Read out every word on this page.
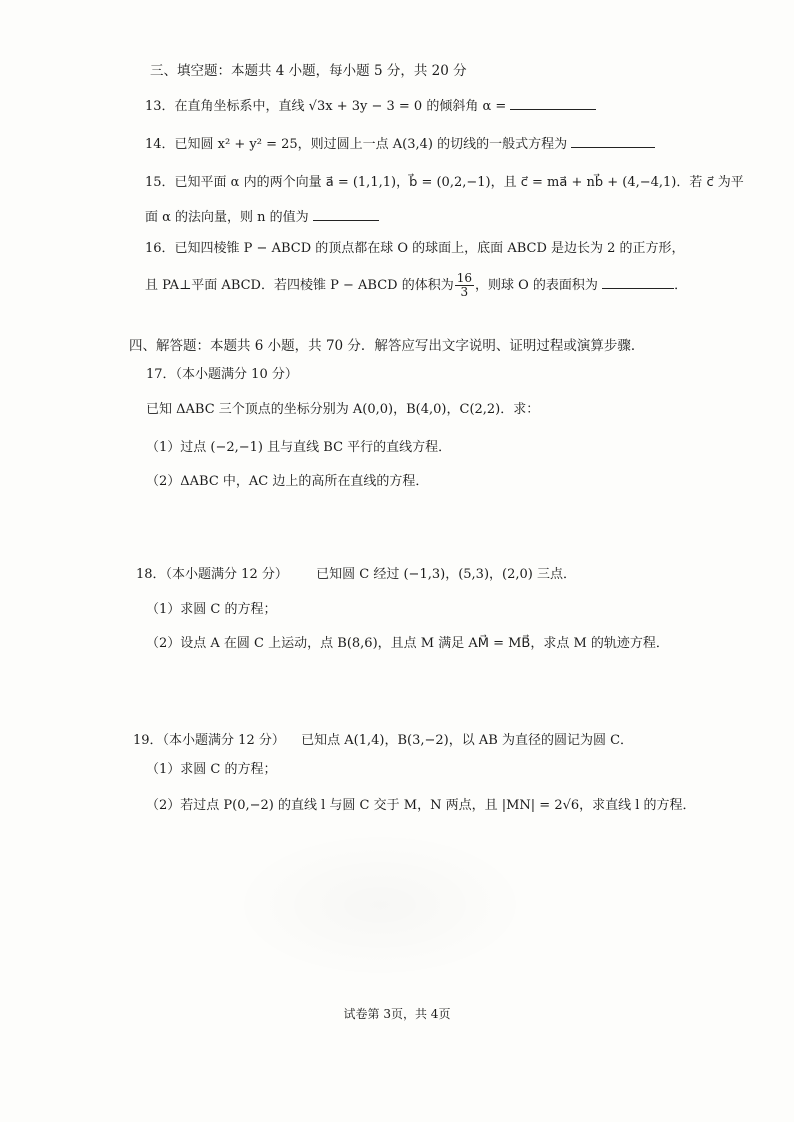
三、填空题：本题共 4 小题，每小题 5 分，共 20 分
13．在直角坐标系中，直线 √3x + 3y − 3 = 0 的倾斜角 α =
14．已知圆 x² + y² = 25，则过圆上一点 A(3,4) 的切线的一般式方程为
15．已知平面 α 内的两个向量 a⃗ = (1,1,1)，b⃗ = (0,2,−1)，且 c⃗ = ma⃗ + nb⃗ + (4,−4,1)．若 c⃗ 为平
面 α 的法向量，则 n 的值为
16．已知四棱锥 P − ABCD 的顶点都在球 O 的球面上，底面 ABCD 是边长为 2 的正方形，
且 PA⊥平面 ABCD．若四棱锥 P − ABCD 的体积为 $\frac{16}{3}$ ，则球 O 的表面积为	．
四、解答题：本题共 6 小题，共 70 分．解答应写出文字说明、证明过程或演算步骤．
17．（本小题满分 10 分）
已知 ΔABC 三个顶点的坐标分别为 A(0,0)，B(4,0)，C(2,2)．求：
（1）过点 (−2,−1) 且与直线 BC 平行的直线方程．
（2）ΔABC 中，AC 边上的高所在直线的方程．
18．（本小题满分 12 分） 已知圆 C 经过 (−1,3)，(5,3)，(2,0) 三点．
（1）求圆 C 的方程；
（2）设点 A 在圆 C 上运动，点 B(8,6)，且点 M 满足 AM⃗ = MB⃗，求点 M 的轨迹方程．
19．（本小题满分 12 分） 已知点 A(1,4)，B(3,−2)，以 AB 为直径的圆记为圆 C．
（1）求圆 C 的方程；
（2）若过点 P(0,−2) 的直线 l 与圆 C 交于 M，N 两点，且 |MN| = 2√6，求直线 l 的方程．
试卷第 3页，共 4页
